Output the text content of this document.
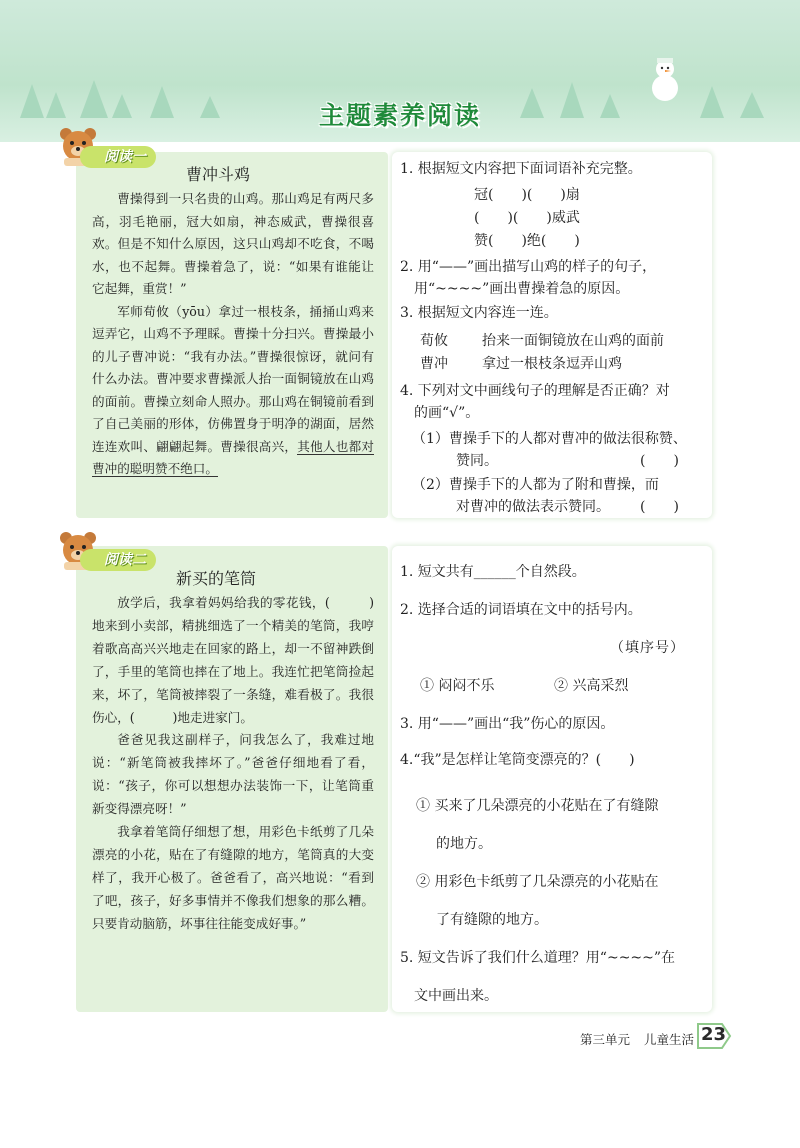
主题素养阅读
阅读一
曹冲斗鸡

曹操得到一只名贵的山鸡。那山鸡足有两尺多高，羽毛艳丽，冠大如扇，神态威武，曹操很喜欢。但是不知什么原因，这只山鸡却不吃食，不喝水，也不起舞。曹操着急了，说：“如果有谁能让它起舞，重赏！”

军师荀攸（yōu）拿过一根枝条，捅捅山鸡来逗弄它，山鸡不予理睬。曹操十分扫兴。曹操最小的儿子曹冲说：“我有办法。”曹操很惊讶，就问有什么办法。曹冲要求曹操派人抬一面铜镜放在山鸡的面前。曹操立刻命人照办。那山鸡在铜镜前看到了自己美丽的形体，仿佛置身于明净的湖面，居然连连欢叫、翩翩起舞。曹操很高兴，其他人也都对曹冲的聪明赞不绝口。

1. 根据短文内容把下面词语补充完整。
冠(　　)(　　)扇
(　　)(　　)威武
赞(　　)绝(　　)
2. 用“——”画出描写山鸡的样子的句子，
用“~~~~”画出曹操着急的原因。
3. 根据短文内容连一连。
荀攸 抬来一面铜镜放在山鸡的面前
曹冲 拿过一根枝条逗弄山鸡
4. 下列对文中画线句子的理解是否正确？对
的画“√”。
（1）曹操手下的人都对曹冲的做法很称赞、
赞同。	(　　)
（2）曹操手下的人都为了附和曹操，而
对曹冲的做法表示赞同。	(　　)
阅读二
新买的笔筒

放学后，我拿着妈妈给我的零花钱，(　　　)地来到小卖部，精挑细选了一个精美的笔筒，我哼着歌高高兴兴地走在回家的路上，却一不留神跌倒了，手里的笔筒也摔在了地上。我连忙把笔筒捡起来，坏了，笔筒被摔裂了一条缝，难看极了。我很伤心，(　　　)地走进家门。

爸爸见我这副样子，问我怎么了，我难过地说：“新笔筒被我摔坏了。”爸爸仔细地看了看，说：“孩子，你可以想想办法装饰一下，让笔筒重新变得漂亮呀！”

我拿着笔筒仔细想了想，用彩色卡纸剪了几朵漂亮的小花，贴在了有缝隙的地方，笔筒真的大变样了，我开心极了。爸爸看了，高兴地说：“看到了吧，孩子，好多事情并不像我们想象的那么糟。只要肯动脑筋，坏事往往能变成好事。”

1. 短文共有______个自然段。
2. 选择合适的词语填在文中的括号内。
（填序号）
① 闷闷不乐	② 兴高采烈
3. 用“——”画出“我”伤心的原因。
4.“我”是怎样让笔筒变漂亮的？(　　)
① 买来了几朵漂亮的小花贴在了有缝隙
的地方。
② 用彩色卡纸剪了几朵漂亮的小花贴在
了有缝隙的地方。
5. 短文告诉了我们什么道理？用“~~~~”在
文中画出来。
第三单元 儿童生活 23
